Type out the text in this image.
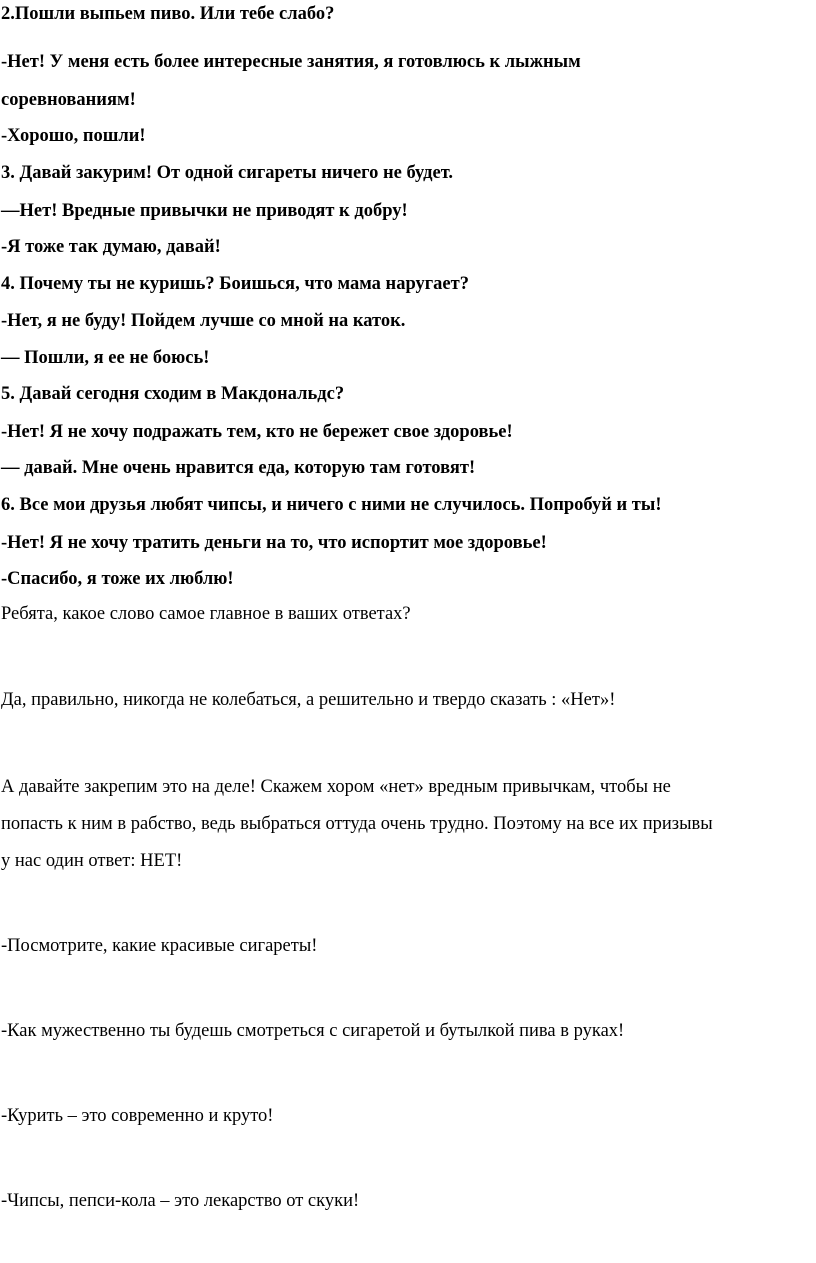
2.Пошли выпьем пиво. Или тебе слабо?
-Нет! У меня есть более интересные занятия, я готовлюсь к лыжным
соревнованиям!
-Хорошо, пошли!
3. Давай закурим! От одной сигареты ничего не будет.
—Нет! Вредные привычки не приводят к добру!
-Я тоже так думаю, давай!
4. Почему ты не куришь? Боишься, что мама наругает?
-Нет, я не буду! Пойдем лучше со мной на каток.
— Пошли, я ее не боюсь!
5. Давай сегодня сходим в Макдональдс?
-Нет! Я не хочу подражать тем, кто не бережет свое здоровье!
— давай. Мне очень нравится еда, которую там готовят!
6. Все мои друзья любят чипсы, и ничего с ними не случилось. Попробуй и ты!
-Нет! Я не хочу тратить деньги на то, что испортит мое здоровье!
-Спасибо, я тоже их люблю!
Ребята, какое слово самое главное в ваших ответах?
Да, правильно, никогда не колебаться, а решительно и твердо сказать : «Нет»!
А давайте закрепим это на деле! Скажем хором «нет» вредным привычкам, чтобы не
попасть к ним в рабство, ведь выбраться оттуда очень трудно. Поэтому на все их призывы
у нас один ответ: НЕТ!
-Посмотрите, какие красивые сигареты!
-Как мужественно ты будешь смотреться с сигаретой и бутылкой пива в руках!
-Курить – это современно и круто!
-Чипсы, пепси-кола – это лекарство от скуки!
